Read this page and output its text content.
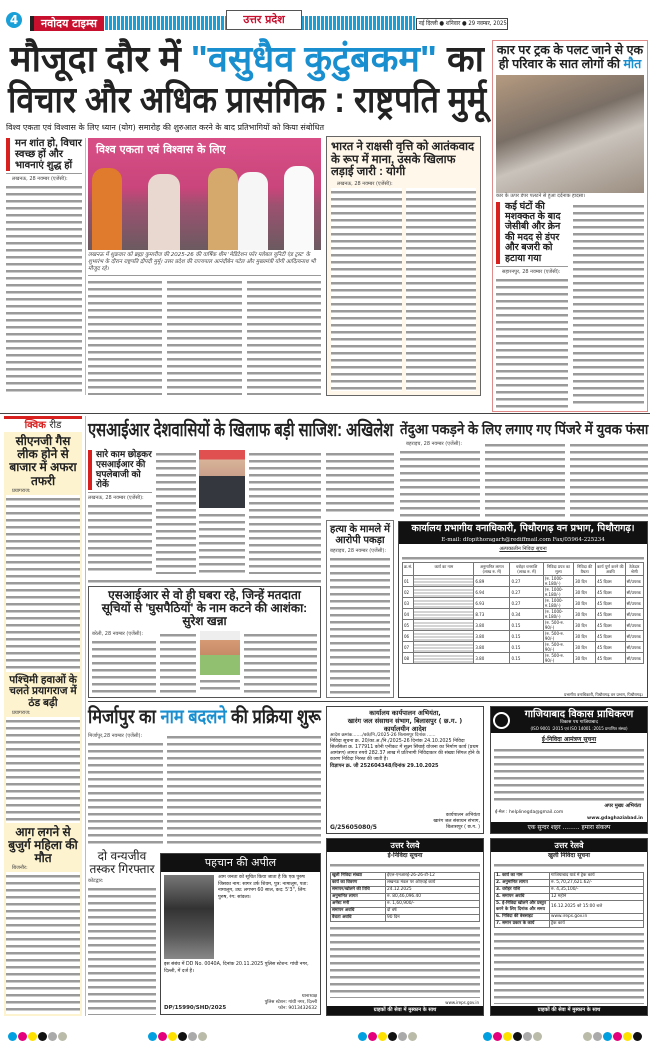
4	नवोदय टाइम्स	उत्तर प्रदेश	नई दिल्ली ● शनिवार ● 29 नवम्बर, 2025
मौजूदा दौर में "वसुधैव कुटुंबकम" का
विचार और अधिक प्रासंगिक : राष्ट्रपति मुर्मू
विश्व एकता एवं विश्वास के लिए ध्यान (योग) समारोह की शुरुआत करने के बाद प्रतिभागियों को किया संबोधित
मन शांत हो, विचार स्वच्छ हों और भावनाएं शुद्ध हों
लखनऊ, 28 नवम्बर (एजेंसी):
विश्व एकता एवं विश्वास के लिए
लखनऊ में शुक्रवार को ब्रह्मा कुमारीज की 2025-26 की वार्षिक थीम 'मेडिटेशन फॉर ग्लोबल यूनिटी एंड ट्रस्ट' के शुभारंभ के दौरान राष्ट्रपति द्रौपदी मुर्मू। उत्तर प्रदेश की राज्यपाल आनंदीबेन पटेल और मुख्यमंत्री योगी आदित्यनाथ भी मौजूद रहे।
भारत ने राक्षसी वृत्ति को आतंकवाद के रूप में माना, उसके खिलाफ लड़ाई जारी : योगी
लखनऊ, 28 नवम्बर (एजेंसी):
कार पर ट्रक के पलट जाने से एक ही परिवार के सात लोगों की मौत
कार के ऊपर डंपर पलटने से हुआ दर्दनाक हादसा।
कई घंटों की मशक्कत के बाद जेसीबी और क्रेन की मदद से डंपर और बजरी को हटाया गया
सहारनपुर, 28 नवम्बर (एजेंसी):
क्विक रीड
सीएनजी गैस लीक होने से बाजार में अफरा तफरी
प्रयागराज:
पश्चिमी हवाओं के चलते प्रयागराज में ठंड बढ़ी
प्रयागराज:
आग लगने से बुजुर्ग महिला की मौत
बिजनौर:
एसआईआर देशवासियों के खिलाफ बड़ी साजिश: अखिलेश
सारे काम छोड़कर एसआईआर की घपलेबाजी को रोकें
लखनऊ, 28 नवम्बर (एजेंसी):
हत्या के मामले में आरोपी पकड़ा
बहराइच, 28 नवम्बर (एजेंसी):
एसआईआर से वो ही घबरा रहे, जिन्हें मतदाता सूचियों से 'घुसपैठियों' के नाम कटने की आशंका: सुरेश खन्ना
बरेली, 28 नवम्बर (एजेंसी):
तेंदुआ पकड़ने के लिए लगाए गए पिंजरे में युवक फंसा
बहराइच, 28 नवम्बर (एजेंसी):
कार्यालय प्रभागीय वनाधिकारी, पिथौरागढ़ वन प्रभाग, पिथौरागढ़।
E-mail: dfopithoragarh@rediffmail.com Fax/05964-225234
अल्पकालीन निविदा सूचना
क्र.सं.	कार्य का नाम	अनुमानित लागत (लाख रु. में)	धरोहर धनराशि (लाख रु. में)	निविदा प्रपत्र का मूल्य	निविदा की वैधता	कार्य पूर्ण करने की अवधि	ठेकेदार श्रेणी
01		6.89	0.27	(रु. 1000-रु.180/-)	30 दिन	45 दिवस	सी/उपरक
02		6.94	0.27	(रु. 1000-रु.180/-)	30 दिन	45 दिवस	सी/उपरक
03		6.93	0.27	(रु. 1000-रु.180/-)	30 दिन	45 दिवस	सी/उपरक
04		8.73	0.34	(रु. 1000-रु.180/-)	30 दिन	45 दिवस	सी/उपरक
05		3.80	0.15	(रु. 500-रु. 90/-)	30 दिन	45 दिवस	सी/उपरक
06		3.80	0.15	(रु. 500-रु. 90/-)	30 दिन	45 दिवस	सी/उपरक
07		3.80	0.15	(रु. 500-रु. 90/-)	30 दिन	45 दिवस	सी/उपरक
08		3.80	0.15	(रु. 500-रु. 90/-)	30 दिन	45 दिवस	सी/उपरक
प्रभागीय वनाधिकारी, पिथौरागढ़ वन प्रभाग, पिथौरागढ़।
मिर्जापुर का नाम बदलने की प्रक्रिया शुरू
मिर्जापुर,28 नवम्बर (एजेंसी):
कार्यालय कार्यपालन अभियंता,
खारंग जल संसाधन संभाग, बिलासपुर ( छ.ग. )
कार्यालयीन आदेश
आदेश क्रमांक......./वर्क/नि./2025-26 बिलासपुर दिनांक ......
निविदा सूचना क्र. 20/का.अ./नि./2025-26 दिनांक 24.10.2025 निविदा सिलसिला क्र. 177911 कोनी एनीकट में सूक्ष्म सिंचाई योजना का निर्माण कार्य (प्रथम आमंत्रण) लागत रुपये 282.37 लाख में प्रतिभागी निविदाकार की संख्या सिंगल होने के कारण निविदा निरस्त की जाती है।
विज्ञापन क्र. जी 252604348/दिनांक 29.10.2025
G/25605080/5
कार्यपालन अभियंता
खारंग जल संसाधन संभाग,
बिलासपुर ( छ.ग. )
गाजियाबाद विकास प्राधिकरण
विकास पथ गाजियाबाद
(ISO 9001 :2015 एवं ISO 14001 :2015 प्रमाणित संस्था)
ई-निविदा आमंत्रण सूचना
अपर मुख्य अभियंता
ई-मेल : helplinegda@gmail.com
www.gdaghaziabad.in
एक सुन्दर शहर ......... हमारा संकल्प
दो वन्यजीव तस्कर गिरफ्तार
कोटद्वार:
पहचान की अपील
आम जनता को सूचित किया जाता है कि एक पुरुष जिसका नाम: सागर उर्फ शिवम, पुत्र: नामालूम, पता: नामालूम, उम्र: लगभग 60 साल, कद: 5'3", लिंग: पुरुष, रंग: सांवला।
इस संबंध में DD No. 0040A, दिनांक 20.11.2025 पुलिस स्टेशन: गांधी नगर, दिल्ली, में दर्ज है।
DP/15990/SHD/2025
थानाध्यक्ष
पुलिस स्टेशन: गांधी नगर, दिल्ली
फोन: 9013432632
उत्तर रेलवे
ई-निविदा सूचना
खुली निविदा संख्या	ईएल-एनआरई-26-26-टी-12
कार्य का विवरण	लखनऊ मंडल पर ओएचई कार्य
समापन/खोलने की तिथि	24.12.2025
अनुमानित लागत	रु. 80,46,096.40
अर्नेस्ट मनी	रु. 1,60,900/-
समापन अवधि	दो वर्ष
वैधता अवधि	90 दिन
www.ireps.gov.in
ग्राहकों की सेवा में मुस्कान के साथ
उत्तर रेलवे
खुली निविदा सूचना
1. कार्य का नाम	गाजियाबाद यार्ड में ट्रैक कार्य
2. अनुमानित लागत	रु. 5,70,27,621.62/-
3. धरोहर राशि	रु. 4,35,100/-
4. समापन अवधि	12 महीने
5. ई-निविदा खोलने और प्रस्तुत करने के लिए दिनांक और समय	16.12.2025 को 15:00 बजे
6. निविदा की वेबसाइट	www.ireps.gov.in
7. समान प्रकार के कार्य	ट्रैक कार्य
ग्राहकों की सेवा में मुस्कान के साथ
